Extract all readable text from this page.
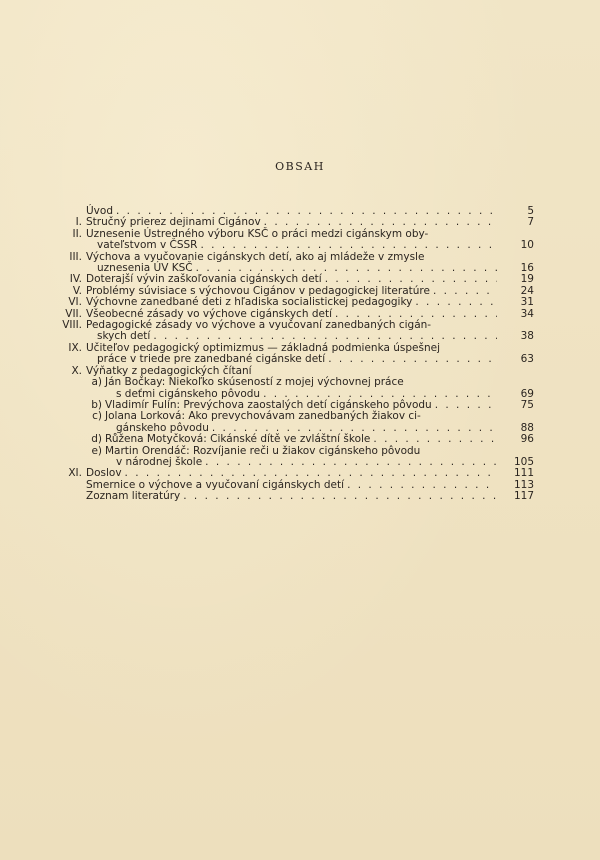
OBSAH
Úvod . . .	5
I. Stručný prierez dejinami Cigánov . . .	7
II. Uznesenie Ústredného výboru KSČ o práci medzi cigánskym oby-
vateľstvom v ČSSR . . .	10
III. Výchova a vyučovanie cigánskych detí, ako aj mládeže v zmysle
uznesenia ÚV KSČ . . .	16
IV. Doterajší vývin zaškoľovania cigánskych detí . . .	19
V. Problémy súvisiace s výchovou Cigánov v pedagogickej literatúre . . .	24
VI. Výchovne zanedbané deti z hľadiska socialistickej pedagogiky . . .	31
VII. Všeobecné zásady vo výchove cigánskych detí . . .	34
VIII. Pedagogické zásady vo výchove a vyučovaní zanedbaných cigán-
skych detí . . .	38
IX. Učiteľov pedagogický optimizmus — základná podmienka úspešnej
práce v triede pre zanedbané cigánske detí . . .	63
X. Výňatky z pedagogických čítaní
a) Ján Bočkay: Niekoľko skúseností z mojej výchovnej práce
s deťmi cigánskeho pôvodu . . .	69
b) Vladimír Fulín: Prevýchova zaostalých detí cigánskeho pôvodu . . .	75
c) Jolana Lorková: Ako prevychovávam zanedbaných žiakov ci-
gánskeho pôvodu . . .	88
d) Růžena Motyčková: Cikánské dítě ve zvláštní škole . . .	96
e) Martin Orendáč: Rozvíjanie reči u žiakov cigánskeho pôvodu
v národnej škole . . .	105
XI. Doslov . . .	111
Smernice o výchove a vyučovaní cigánskych detí . . .	113
Zoznam literatúry . . .	117
